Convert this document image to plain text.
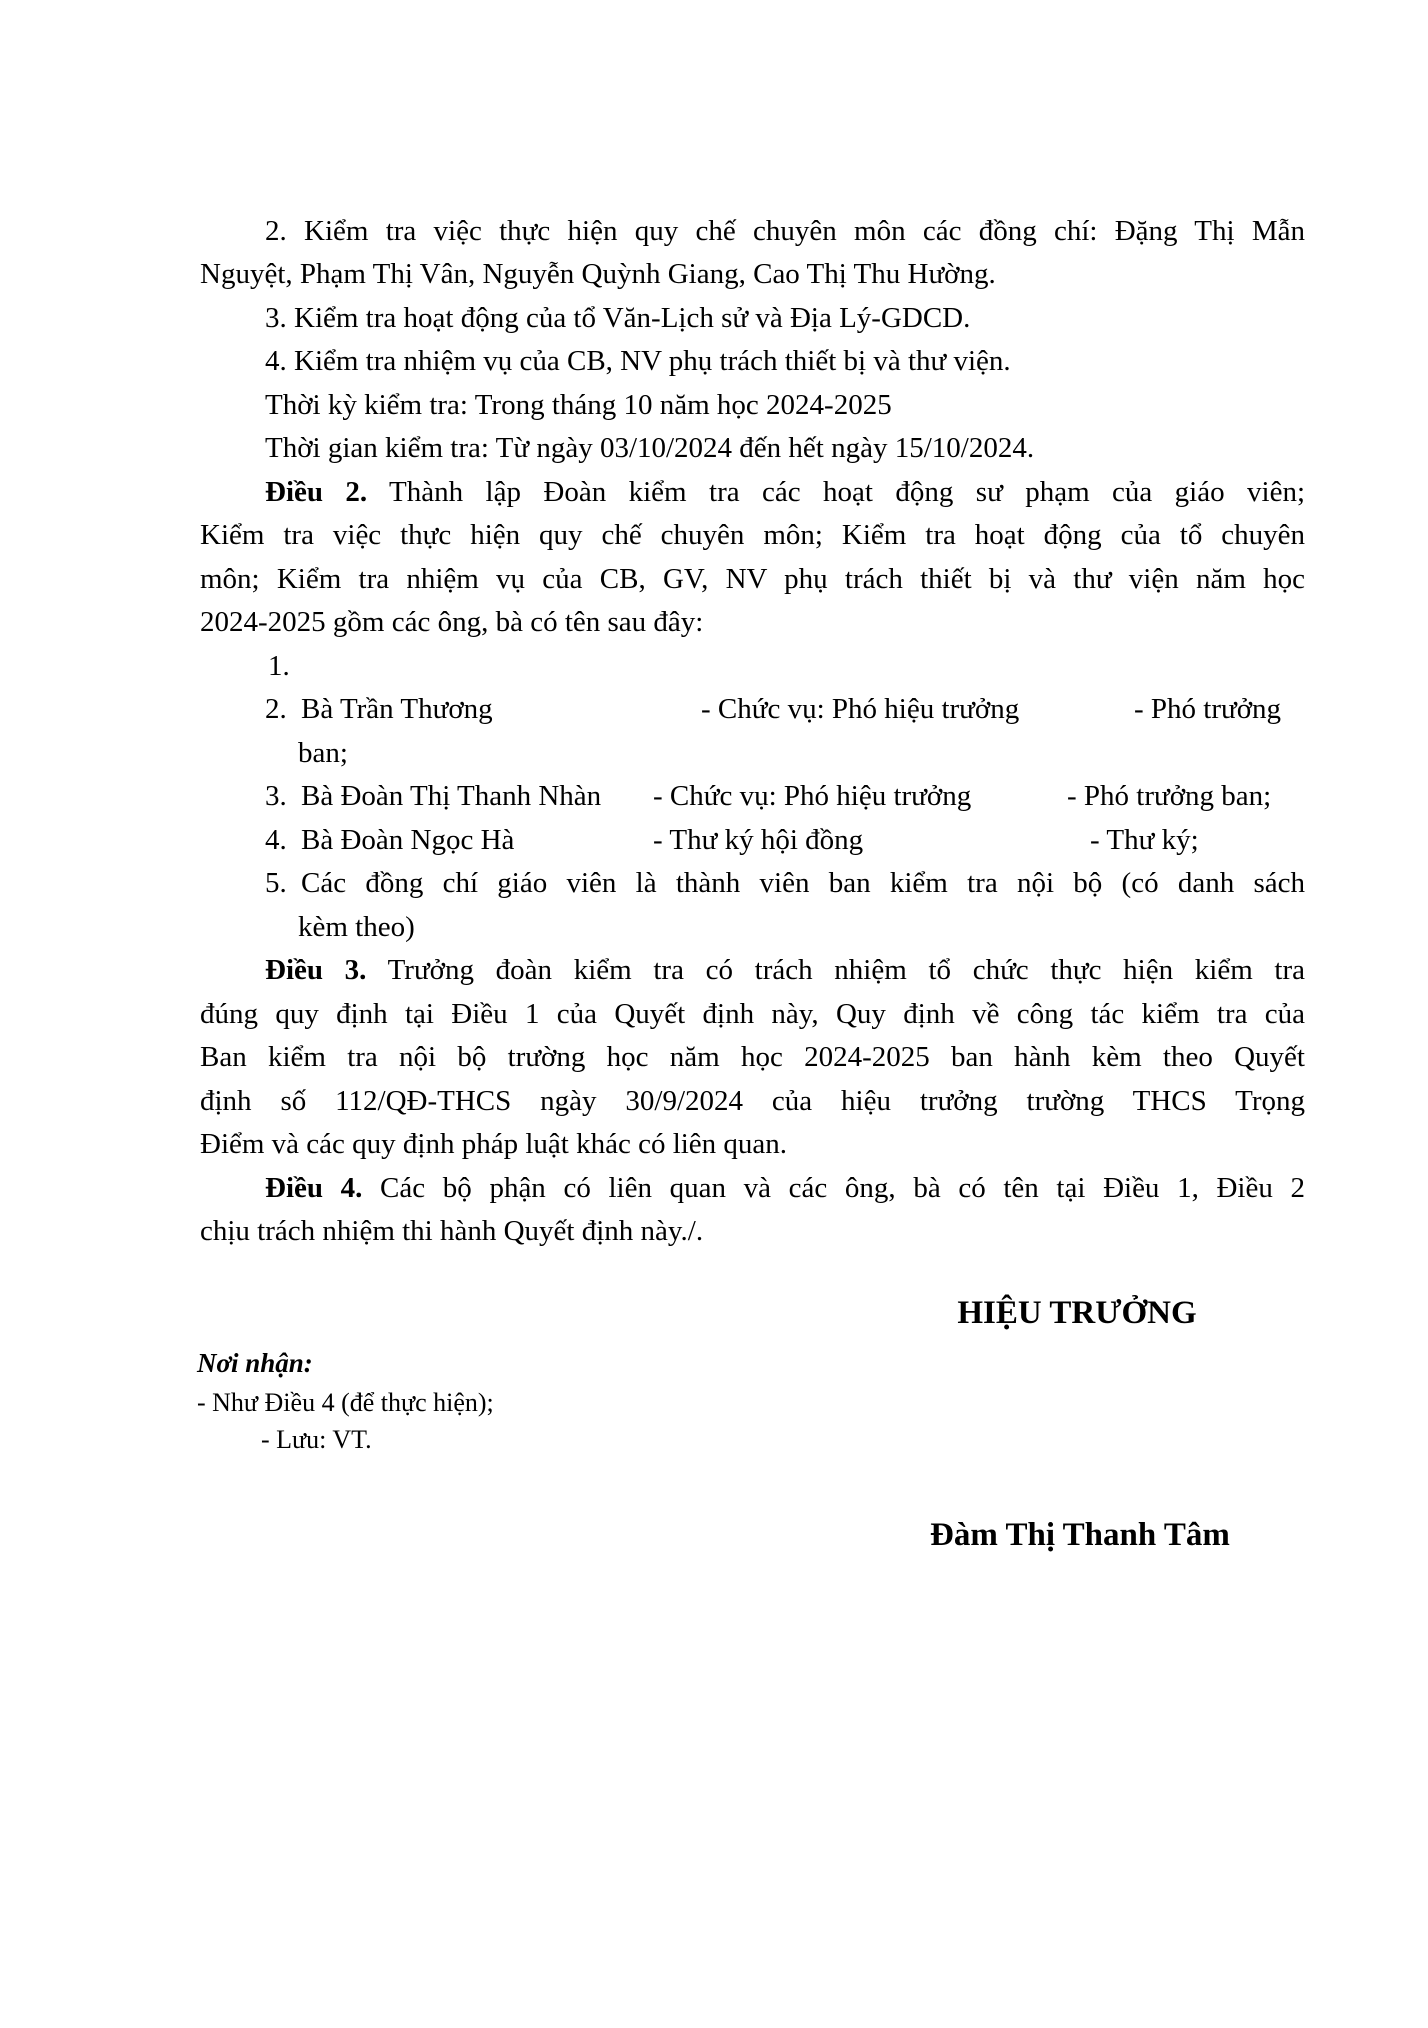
2. Kiểm tra việc thực hiện quy chế chuyên môn các đồng chí: Đặng Thị Mẫn
Nguyệt, Phạm Thị Vân, Nguyễn Quỳnh Giang, Cao Thị Thu Hường.
3. Kiểm tra hoạt động của tổ Văn-Lịch sử và Địa Lý-GDCD.
4. Kiểm tra nhiệm vụ của CB, NV phụ trách thiết bị và thư viện.
Thời kỳ kiểm tra: Trong tháng 10 năm học 2024-2025
Thời gian kiểm tra: Từ ngày 03/10/2024 đến hết ngày 15/10/2024.
Điều 2. Thành lập Đoàn kiểm tra các hoạt động sư phạm của giáo viên;
Kiểm tra việc thực hiện quy chế chuyên môn; Kiểm tra hoạt động của tổ chuyên
môn; Kiểm tra nhiệm vụ của CB, GV, NV phụ trách thiết bị và thư viện năm học
2024-2025 gồm các ông, bà có tên sau đây:
1.
2. Bà Trần Thương	- Chức vụ: Phó hiệu trưởng	- Phó trưởng
ban;
3. Bà Đoàn Thị Thanh Nhàn - Chức vụ: Phó hiệu trưởng	- Phó trưởng ban;
4. Bà Đoàn Ngọc Hà	- Thư ký hội đồng	- Thư ký;
5. Các đồng chí giáo viên là thành viên ban kiểm tra nội bộ (có danh sách
kèm theo)
Điều 3. Trưởng đoàn kiểm tra có trách nhiệm tổ chức thực hiện kiểm tra
đúng quy định tại Điều 1 của Quyết định này, Quy định về công tác kiểm tra của
Ban kiểm tra nội bộ trường học năm học 2024-2025 ban hành kèm theo Quyết
định số 112/QĐ-THCS ngày 30/9/2024 của hiệu trưởng trường THCS Trọng
Điểm và các quy định pháp luật khác có liên quan.
Điều 4. Các bộ phận có liên quan và các ông, bà có tên tại Điều 1, Điều 2
chịu trách nhiệm thi hành Quyết định này./.
HIỆU TRƯỞNG
Nơi nhận:
- Như Điều 4 (để thực hiện);
- Lưu: VT.
Đàm Thị Thanh Tâm
